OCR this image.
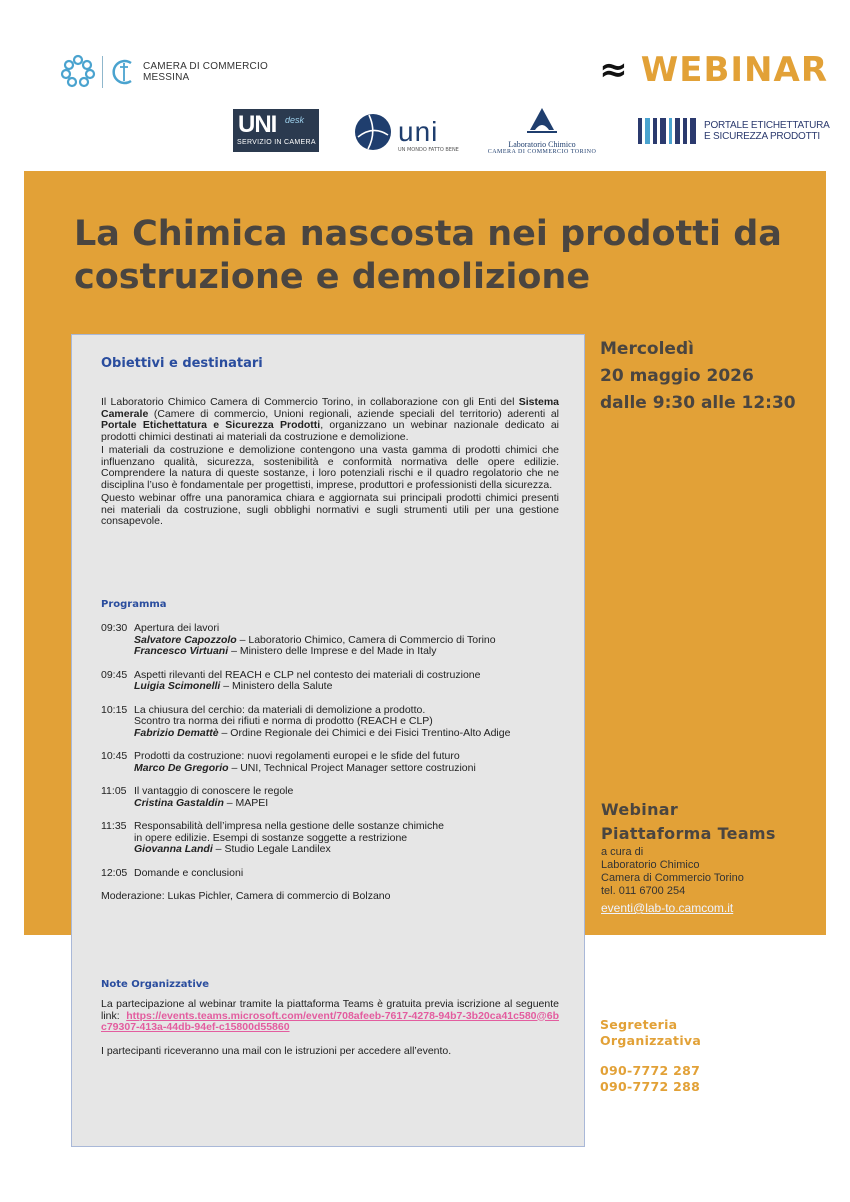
CAMERA DI COMMERCIO
MESSINA	≈ WEBINAR
UNI desk
SERVIZIO IN CAMERA	uni
UN MONDO FATTO BENE
Laboratorio Chimico
CAMERA DI COMMERCIO TORINO
PORTALE ETICHETTATURA
E SICUREZZA PRODOTTI
La Chimica nascosta nei prodotti da
costruzione e demolizione
Mercoledì
20 maggio 2026
dalle 9:30 alle 12:30
Webinar
Piattaforma Teams
a cura di
Laboratorio Chimico
Camera di Commercio Torino
tel. 011 6700 254
eventi@lab-to.camcom.it
Segreteria
Organizzativa
090-7772 287
090-7772 288
Obiettivi e destinatari

Il Laboratorio Chimico Camera di Commercio Torino, in collaborazione con gli Enti del Sistema Camerale (Camere di commercio, Unioni regionali, aziende speciali del territorio) aderenti al Portale Etichettatura e Sicurezza Prodotti, organizzano un webinar nazionale dedicato ai prodotti chimici destinati ai materiali da costruzione e demolizione.

I materiali da costruzione e demolizione contengono una vasta gamma di prodotti chimici che influenzano qualità, sicurezza, sostenibilità e conformità normativa delle opere edilizie. Comprendere la natura di queste sostanze, i loro potenziali rischi e il quadro regolatorio che ne disciplina l’uso è fondamentale per progettisti, imprese, produttori e professionisti della sicurezza.

Questo webinar offre una panoramica chiara e aggiornata sui principali prodotti chimici presenti nei materiali da costruzione, sugli obblighi normativi e sugli strumenti utili per una gestione consapevole.

Programma
09:30 Apertura dei lavori
Salvatore Capozzolo – Laboratorio Chimico, Camera di Commercio di Torino
Francesco Virtuani – Ministero delle Imprese e del Made in Italy
09:45 Aspetti rilevanti del REACH e CLP nel contesto dei materiali di costruzione
Luigia Scimonelli – Ministero della Salute
10:15 La chiusura del cerchio: da materiali di demolizione a prodotto.
Scontro tra norma dei rifiuti e norma di prodotto (REACH e CLP)
Fabrizio Demattè – Ordine Regionale dei Chimici e dei Fisici Trentino-Alto Adige
10:45 Prodotti da costruzione: nuovi regolamenti europei e le sfide del futuro
Marco De Gregorio – UNI, Technical Project Manager settore costruzioni
11:05 Il vantaggio di conoscere le regole
Cristina Gastaldin – MAPEI
11:35 Responsabilità dell’impresa nella gestione delle sostanze chimiche
in opere edilizie. Esempi di sostanze soggette a restrizione
Giovanna Landi – Studio Legale Landilex
12:05 Domande e conclusioni
Moderazione: Lukas Pichler, Camera di commercio di Bolzano
Note Organizzative

La partecipazione al webinar tramite la piattaforma Teams è gratuita previa iscrizione al seguente link: https://events.teams.microsoft.com/event/708afeeb-7617-4278-94b7-3b20ca41c580@6bc79307-413a-44db-94ef-c15800d55860

I partecipanti riceveranno una mail con le istruzioni per accedere all’evento.
